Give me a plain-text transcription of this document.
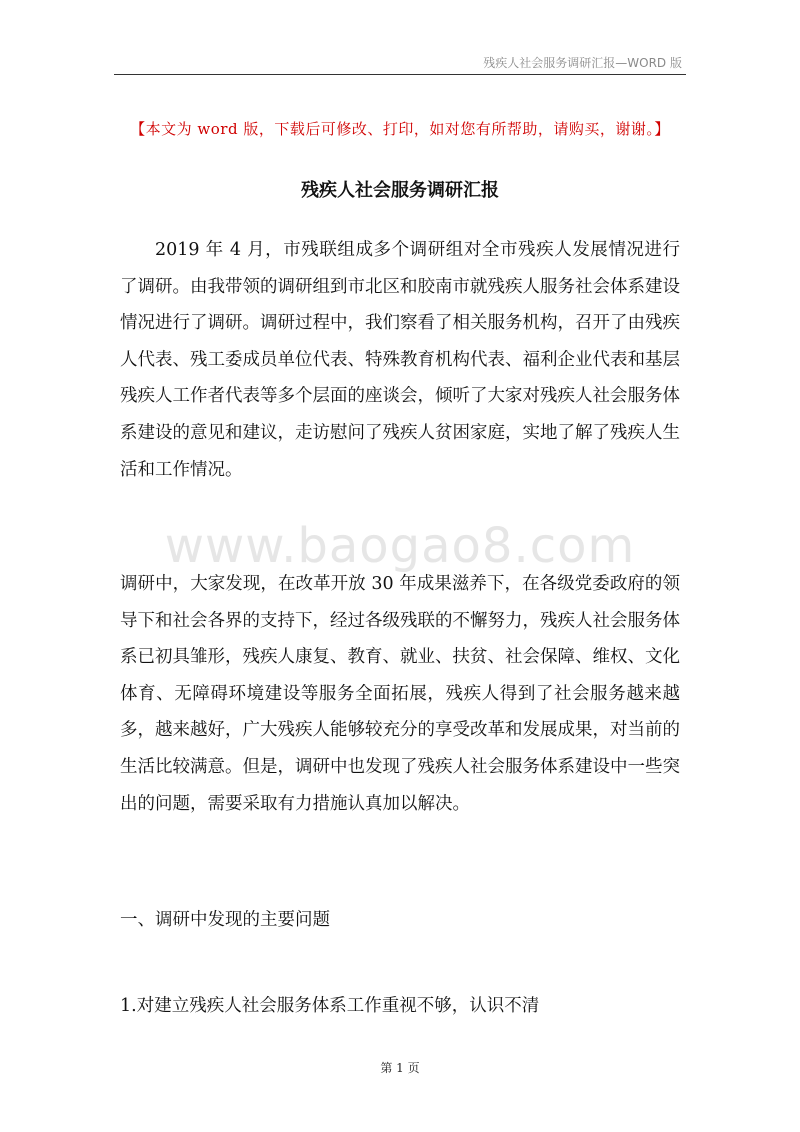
残疾人社会服务调研汇报—WORD 版
【本文为 word 版，下载后可修改、打印，如对您有所帮助，请购买，谢谢。】
残疾人社会服务调研汇报

2019 年 4 月，市残联组成多个调研组对全市残疾人发展情况进行了调研。由我带领的调研组到市北区和胶南市就残疾人服务社会体系建设情况进行了调研。调研过程中，我们察看了相关服务机构，召开了由残疾人代表、残工委成员单位代表、特殊教育机构代表、福利企业代表和基层残疾人工作者代表等多个层面的座谈会，倾听了大家对残疾人社会服务体系建设的意见和建议，走访慰问了残疾人贫困家庭，实地了解了残疾人生活和工作情况。

www.baogao8.com

调研中，大家发现，在改革开放 30 年成果滋养下，在各级党委政府的领导下和社会各界的支持下，经过各级残联的不懈努力，残疾人社会服务体系已初具雏形，残疾人康复、教育、就业、扶贫、社会保障、维权、文化体育、无障碍环境建设等服务全面拓展，残疾人得到了社会服务越来越多，越来越好，广大残疾人能够较充分的享受改革和发展成果，对当前的生活比较满意。但是，调研中也发现了残疾人社会服务体系建设中一些突出的问题，需要采取有力措施认真加以解决。

一、调研中发现的主要问题

1.对建立残疾人社会服务体系工作重视不够，认识不清

第 1 页
